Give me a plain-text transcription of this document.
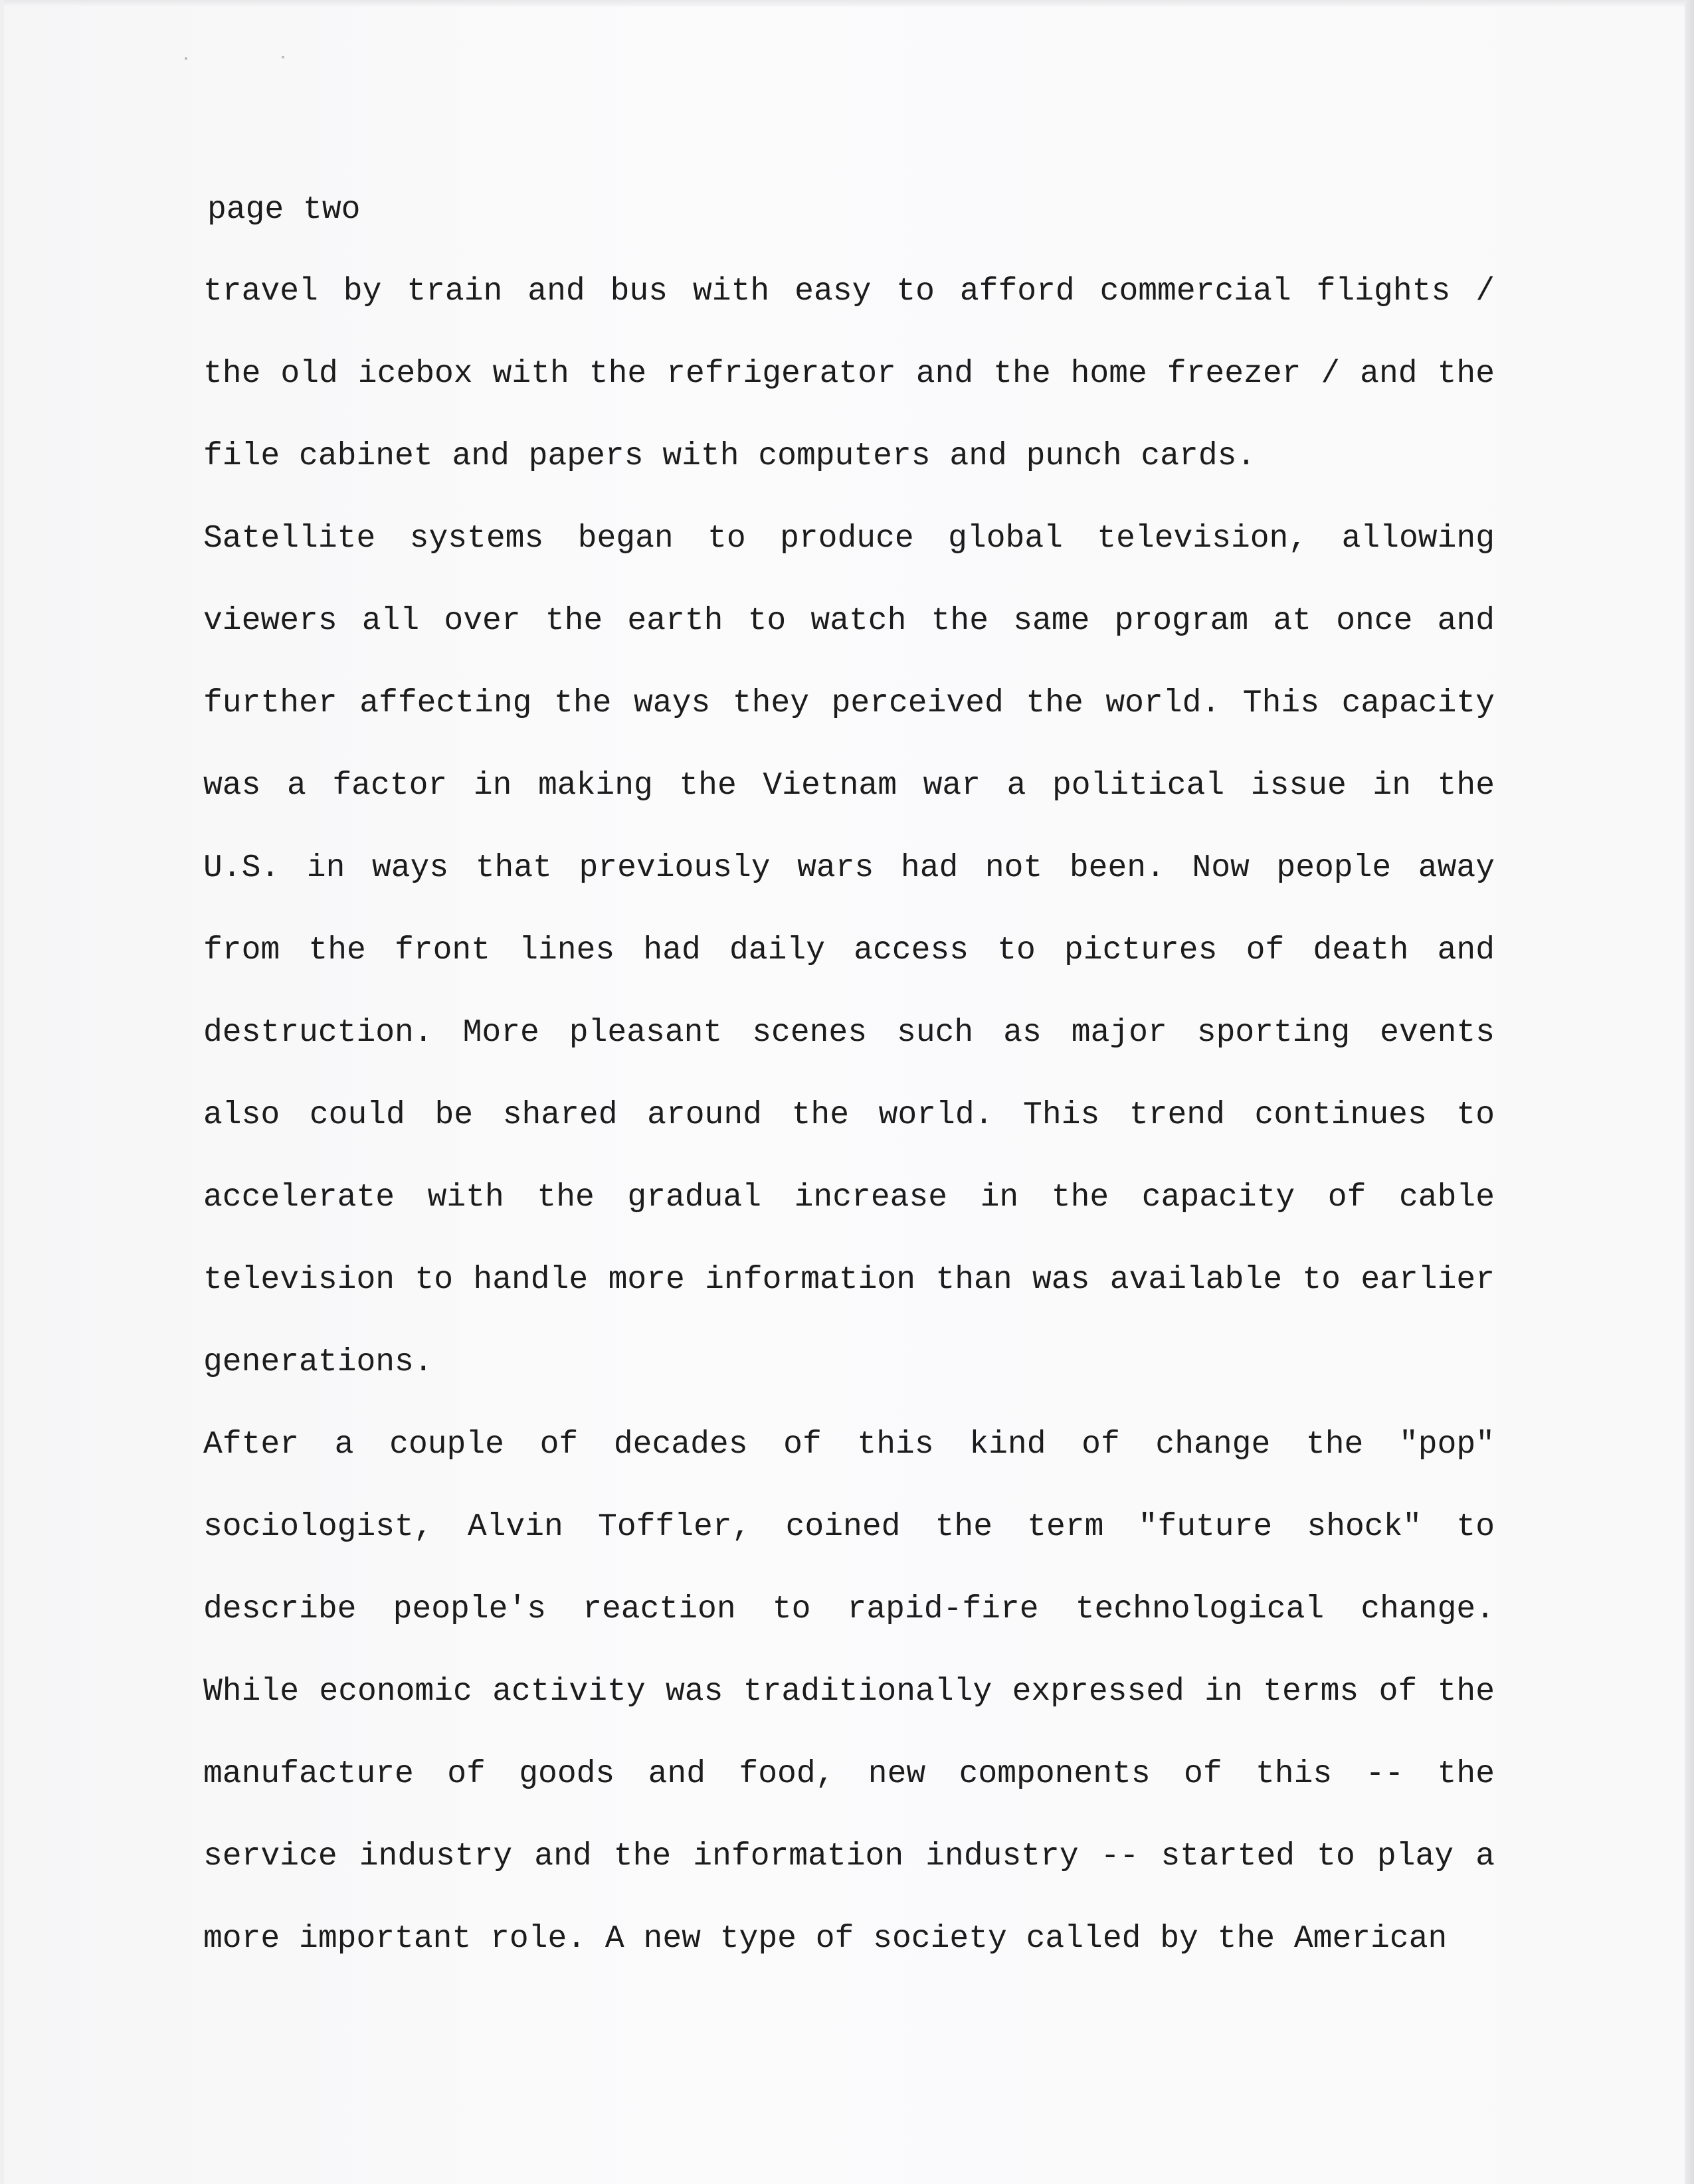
page two
travel by train and bus with easy to afford commercial flights /
the old icebox with the refrigerator and the home freezer / and the
file cabinet and papers with computers and punch cards.
Satellite systems began to produce global television, allowing
viewers all over the earth to watch the same program at once and
further affecting the ways they perceived the world. This capacity
was a factor in making the Vietnam war a political issue in the
U.S. in ways that previously wars had not been. Now people away
from the front lines had daily access to pictures of death and
destruction. More pleasant scenes such as major sporting events
also could be shared around the world. This trend continues to
accelerate with the gradual increase in the capacity of cable
television to handle more information than was available to earlier
generations.
After a couple of decades of this kind of change the "pop"
sociologist, Alvin Toffler, coined the term "future shock" to
describe people's reaction to rapid-fire technological change.
While economic activity was traditionally expressed in terms of the
manufacture of goods and food, new components of this -- the
service industry and the information industry -- started to play a
more important role. A new type of society called by the American
